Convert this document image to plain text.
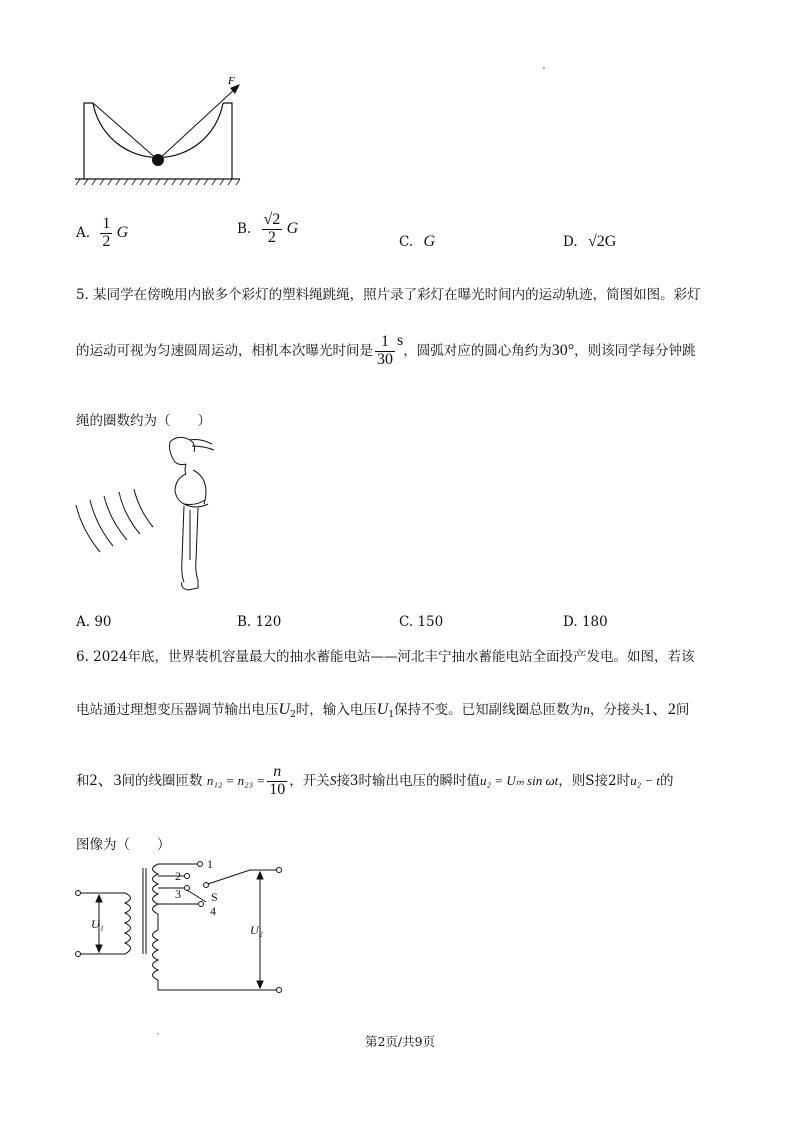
F
A. $\frac{1}{2}$ G	B. $\frac{√2}{2}$ G
C. G	D. √2G
5. 某同学在傍晚用内嵌多个彩灯的塑料绳跳绳，照片录了彩灯在曝光时间内的运动轨迹，简图如图。彩灯
的运动可视为匀速圆周运动，相机本次曝光时间是 $\frac{1}{30}$ s，圆弧对应的圆心角约为30°，则该同学每分钟跳
绳的圈数约为（　　）
A. 90	B. 120	C. 150	D. 180
6. 2024年底，世界装机容量最大的抽水蓄能电站——河北丰宁抽水蓄能电站全面投产发电。如图，若该
电站通过理想变压器调节输出电压$U_2$时，输入电压$U_1$保持不变。已知副线圈总匝数为n，分接头1、2间
和2、3间的线圈匝数 $n_{12} = n_{23} = \frac{n}{10}$ ，开关S接3时输出电压的瞬时值u₂ = Uₘ sin ωt，则S接2时u₂ − t的
图像为（　　）
1
2
3
4
S
U₁	U₂
第2页/共9页
